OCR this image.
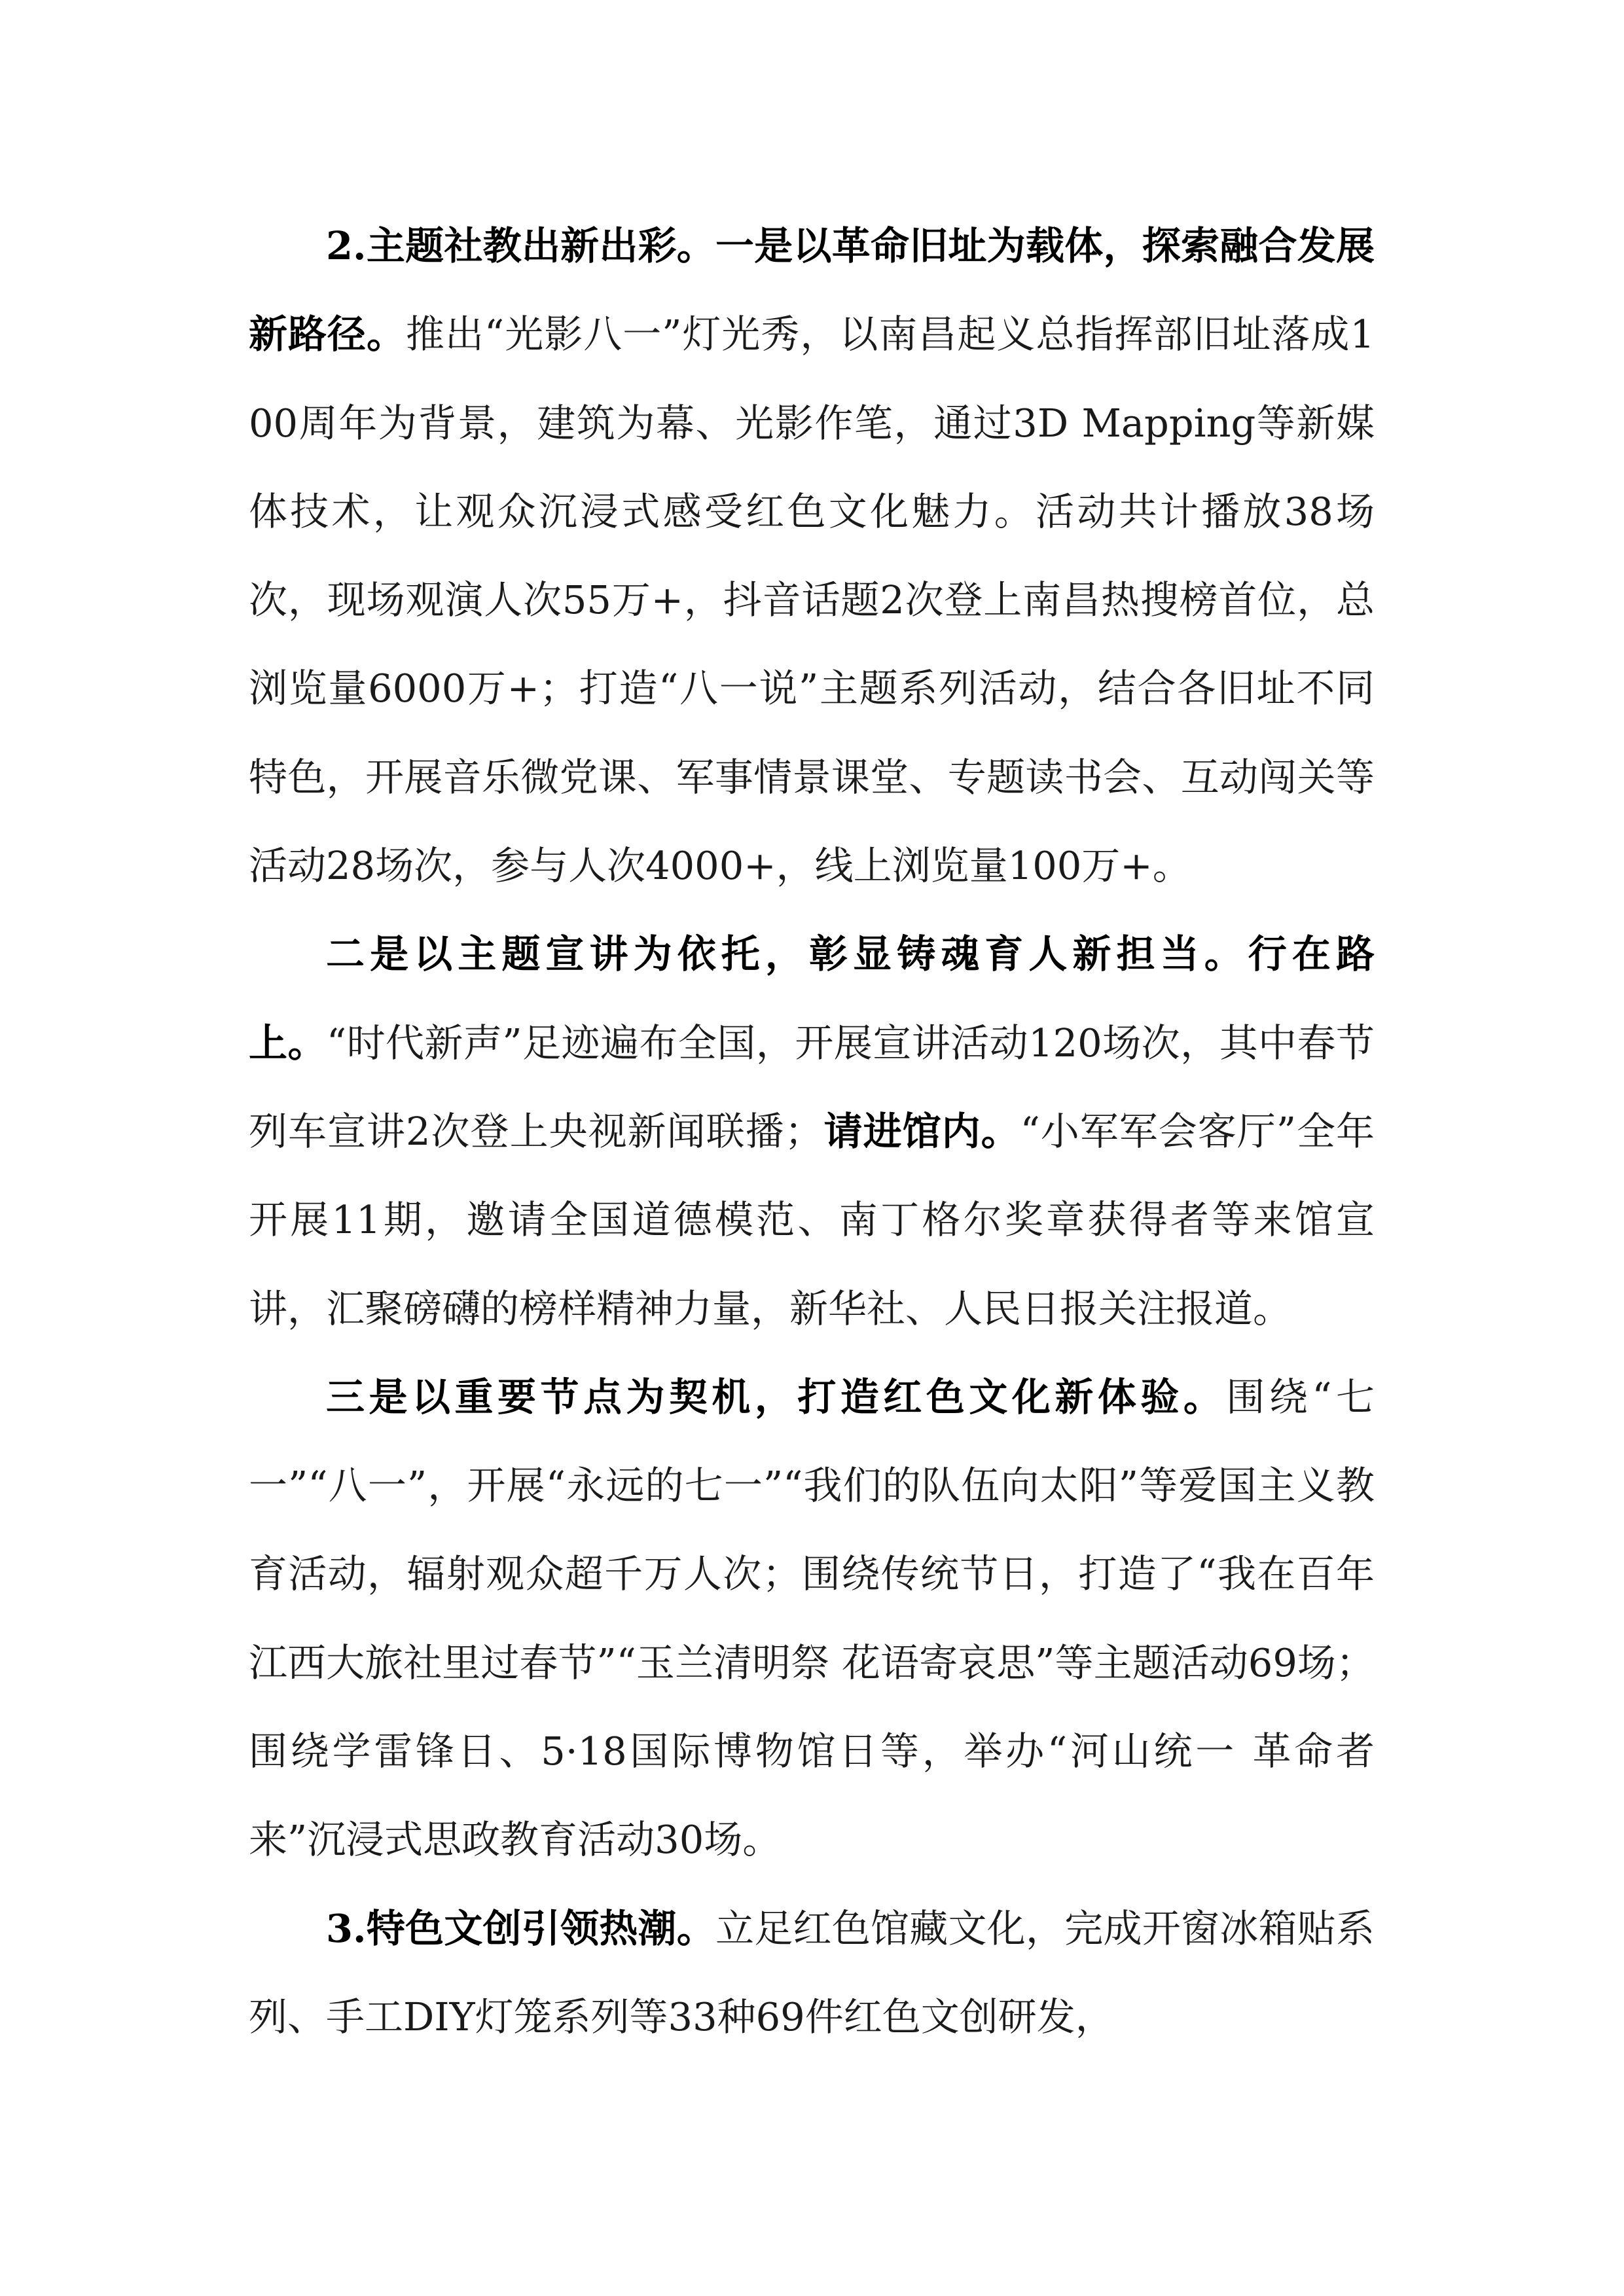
2.主题社教出新出彩。一是以革命旧址为载体，探索融合发展新路径。推出“光影八一”灯光秀，以南昌起义总指挥部旧址落成100周年为背景，建筑为幕、光影作笔，通过3D Mapping等新媒体技术，让观众沉浸式感受红色文化魅力。活动共计播放38场次，现场观演人次55万+，抖音话题2次登上南昌热搜榜首位，总浏览量6000万+；打造“八一说”主题系列活动，结合各旧址不同特色，开展音乐微党课、军事情景课堂、专题读书会、互动闯关等活动28场次，参与人次4000+，线上浏览量100万+。

二是以主题宣讲为依托，彰显铸魂育人新担当。行在路上。“时代新声”足迹遍布全国，开展宣讲活动120场次，其中春节列车宣讲2次登上央视新闻联播；请进馆内。“小军军会客厅”全年开展11期，邀请全国道德模范、南丁格尔奖章获得者等来馆宣讲，汇聚磅礴的榜样精神力量，新华社、人民日报关注报道。

三是以重要节点为契机，打造红色文化新体验。围绕“七一”“八一”，开展“永远的七一”“我们的队伍向太阳”等爱国主义教育活动，辐射观众超千万人次；围绕传统节日，打造了“我在百年江西大旅社里过春节”“玉兰清明祭 花语寄哀思”等主题活动69场；围绕学雷锋日、5·18国际博物馆日等，举办“河山统一 革命者来”沉浸式思政教育活动30场。

3.特色文创引领热潮。立足红色馆藏文化，完成开窗冰箱贴系列、手工DIY灯笼系列等33种69件红色文创研发，
